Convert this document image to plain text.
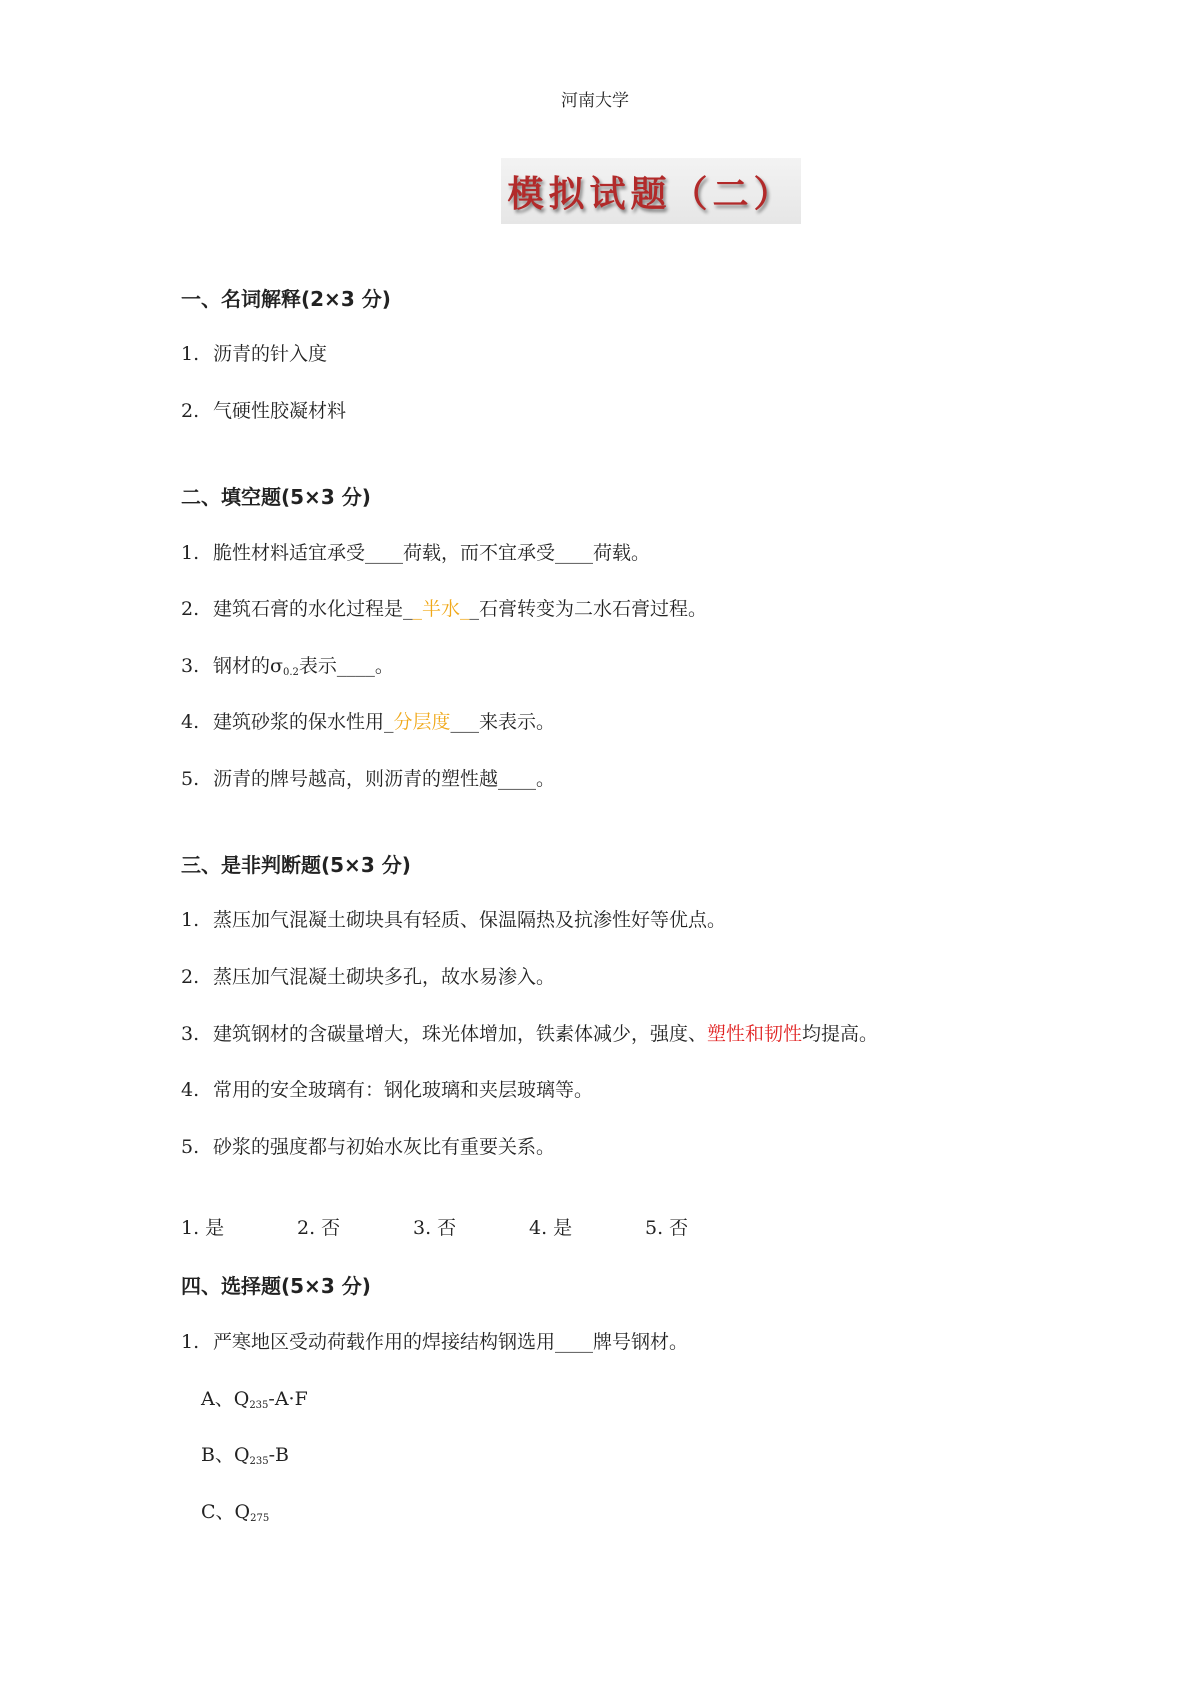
河南大学
模拟试题（二）
一、名词解释(2×3 分)
1. 沥青的针入度
2. 气硬性胶凝材料
二、填空题(5×3 分)
1. 脆性材料适宜承受____荷载，而不宜承受____荷载。
2. 建筑石膏的水化过程是__半水__石膏转变为二水石膏过程。
3. 钢材的$\sigma_{0.2}$表示____。
4. 建筑砂浆的保水性用_分层度___来表示。
5. 沥青的牌号越高，则沥青的塑性越____。
三、是非判断题(5×3 分)
1. 蒸压加气混凝土砌块具有轻质、保温隔热及抗渗性好等优点。
2. 蒸压加气混凝土砌块多孔，故水易渗入。
3. 建筑钢材的含碳量增大，珠光体增加，铁素体减少，强度、塑性和韧性均提高。
4. 常用的安全玻璃有：钢化玻璃和夹层玻璃等。
5. 砂浆的强度都与初始水灰比有重要关系。
1. 是	2. 否	3. 否	4. 是	5. 否
四、选择题(5×3 分)
1. 严寒地区受动荷载作用的焊接结构钢选用____牌号钢材。
A、$Q_{235}-A\cdot F$
B、$Q_{235}-B$
C、$Q_{275}$
